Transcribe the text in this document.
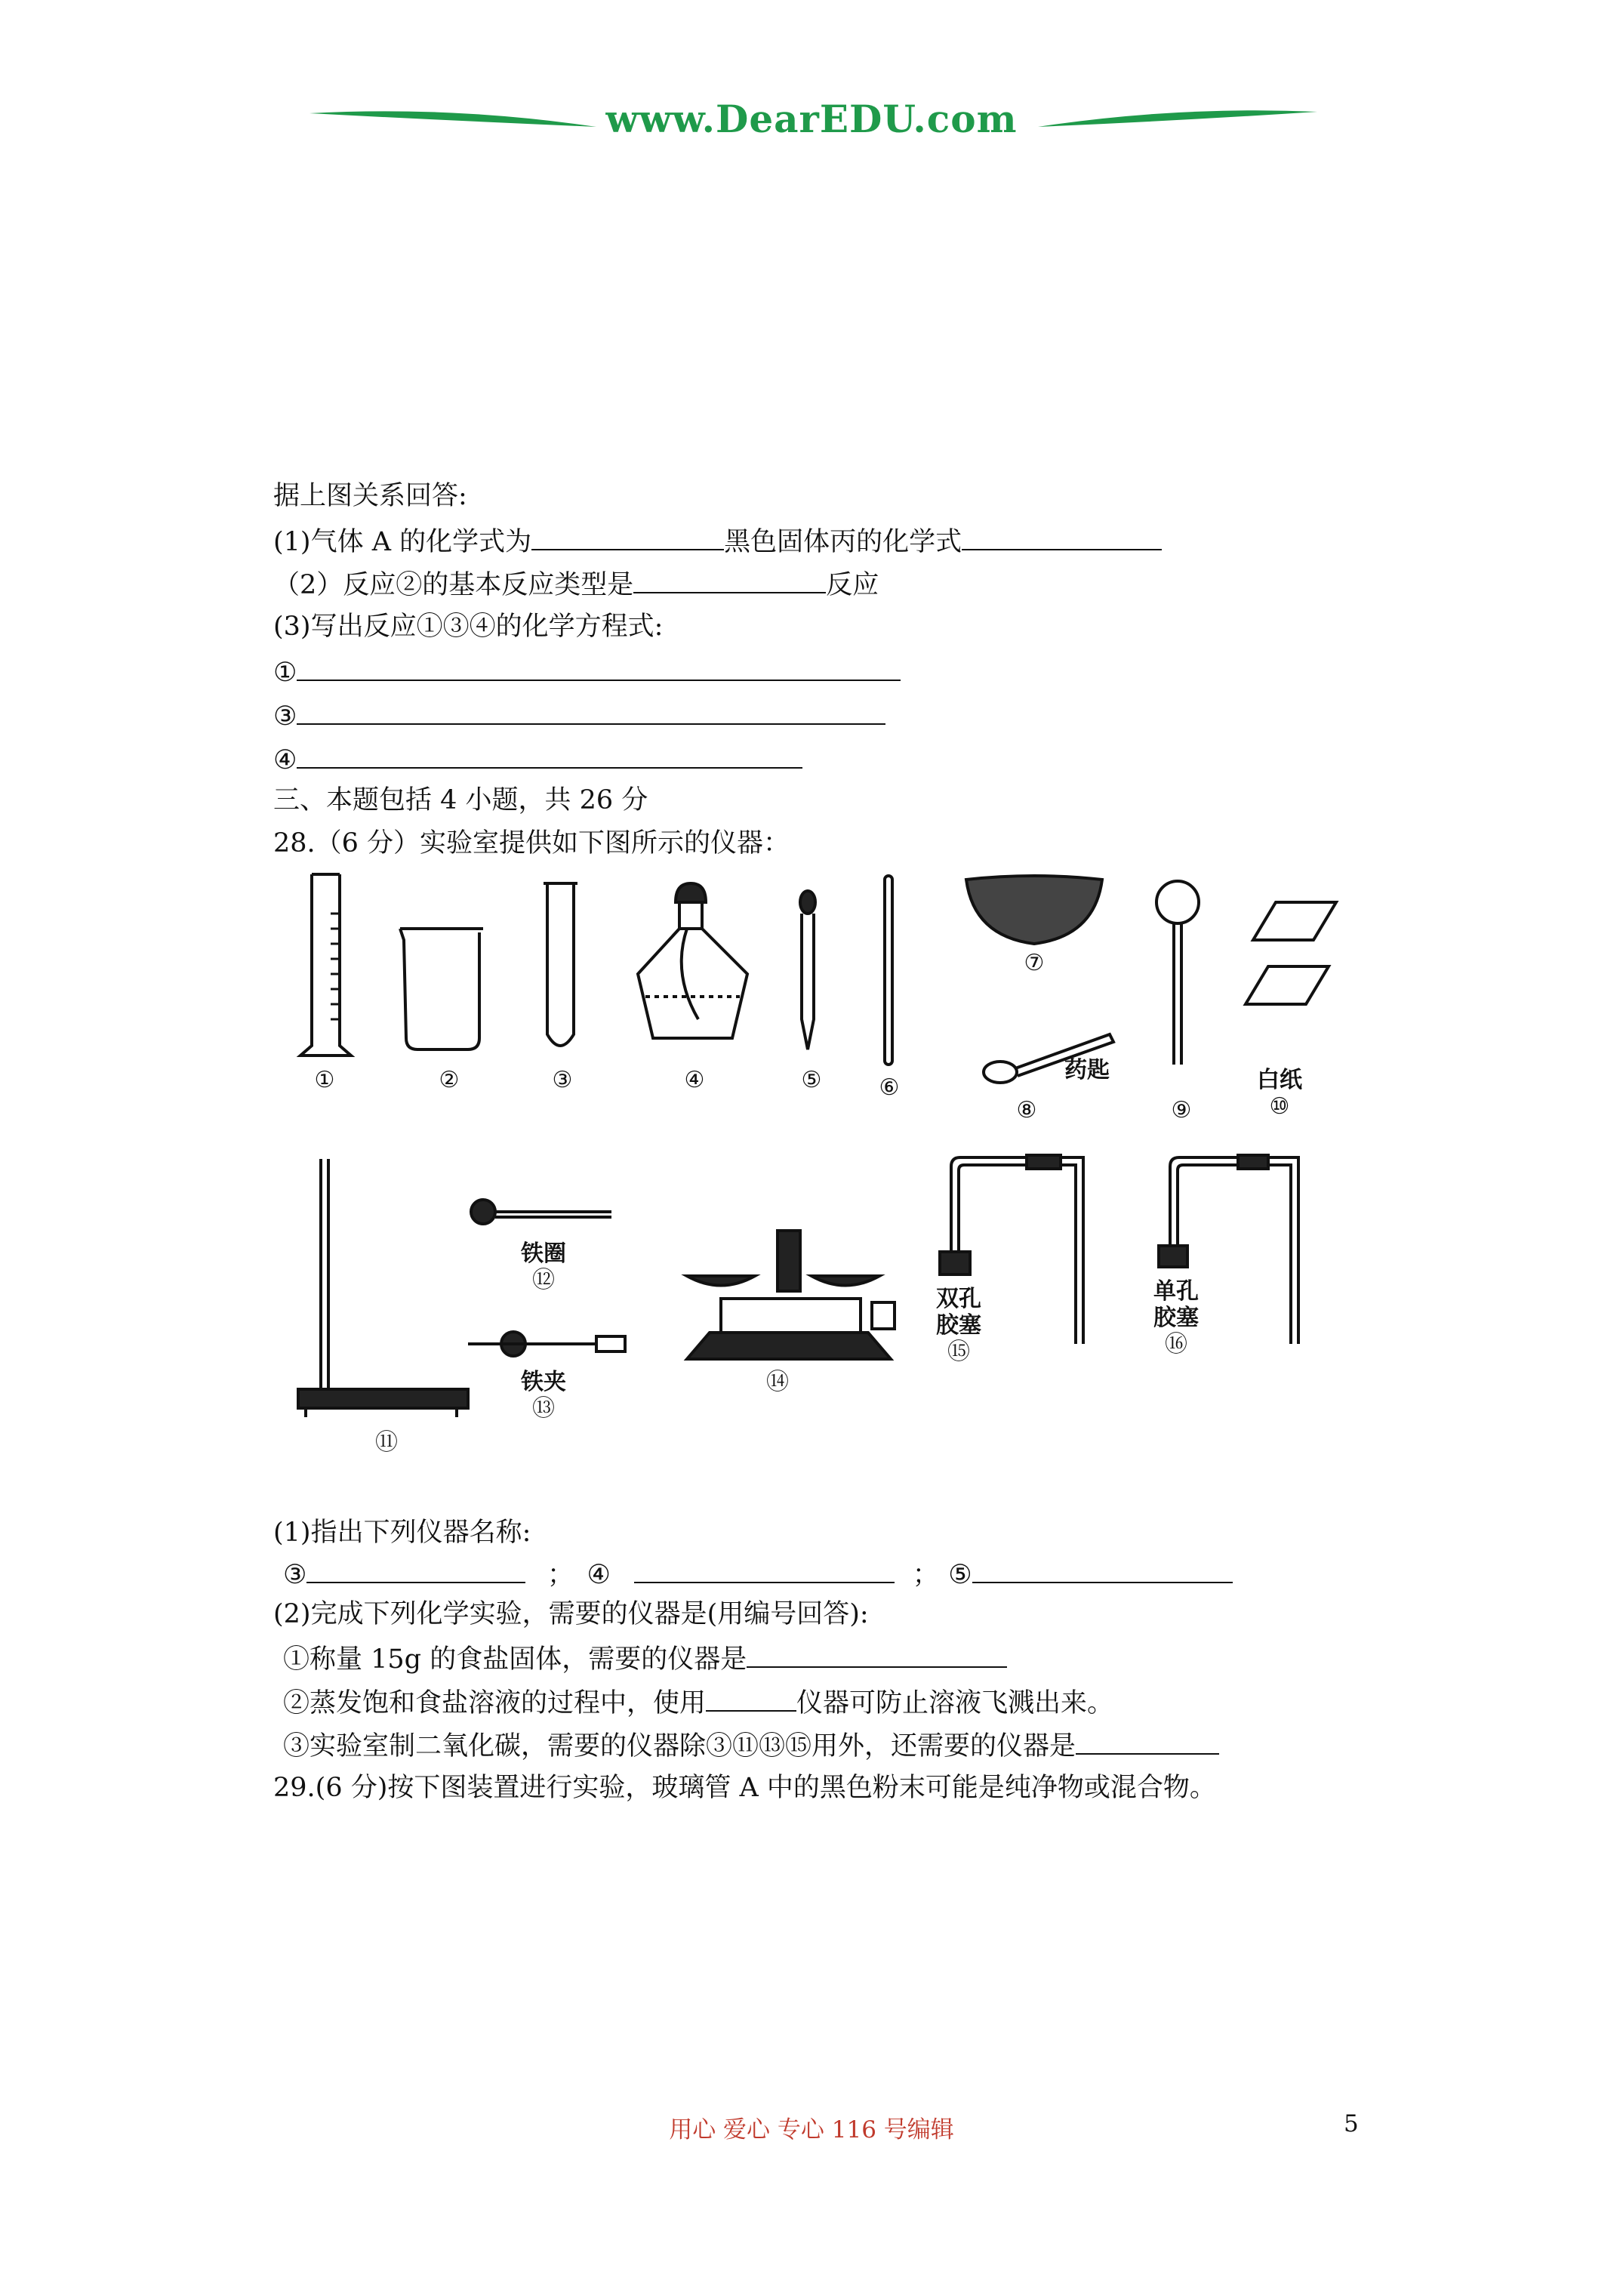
www.DearEDU.com
据上图关系回答:
(1)气体 A 的化学式为	黑色固体丙的化学式
（2）反应②的基本反应类型是	反应
(3)写出反应①③④的化学方程式:
①
③
④
三、本题包括 4 小题，共 26 分
28.（6 分）实验室提供如下图所示的仪器：
①	②	③	④	⑤	⑥
⑦
⑧
药匙
⑨
白纸
⑩
⑪
铁圈
⑫
铁夹
⑬
⑭
双孔
胶塞
⑮
单孔
胶塞
⑯
(1)指出下列仪器名称:
③	； ④	； ⑤
(2)完成下列化学实验，需要的仪器是(用编号回答):
①称量 15g 的食盐固体，需要的仪器是
②蒸发饱和食盐溶液的过程中，使用	仪器可防止溶液飞溅出来。
③实验室制二氧化碳，需要的仪器除③⑪⑬⑮用外，还需要的仪器是
29.(6 分)按下图装置进行实验，玻璃管 A 中的黑色粉末可能是纯净物或混合物。
用心 爱心 专心 116 号编辑	5
